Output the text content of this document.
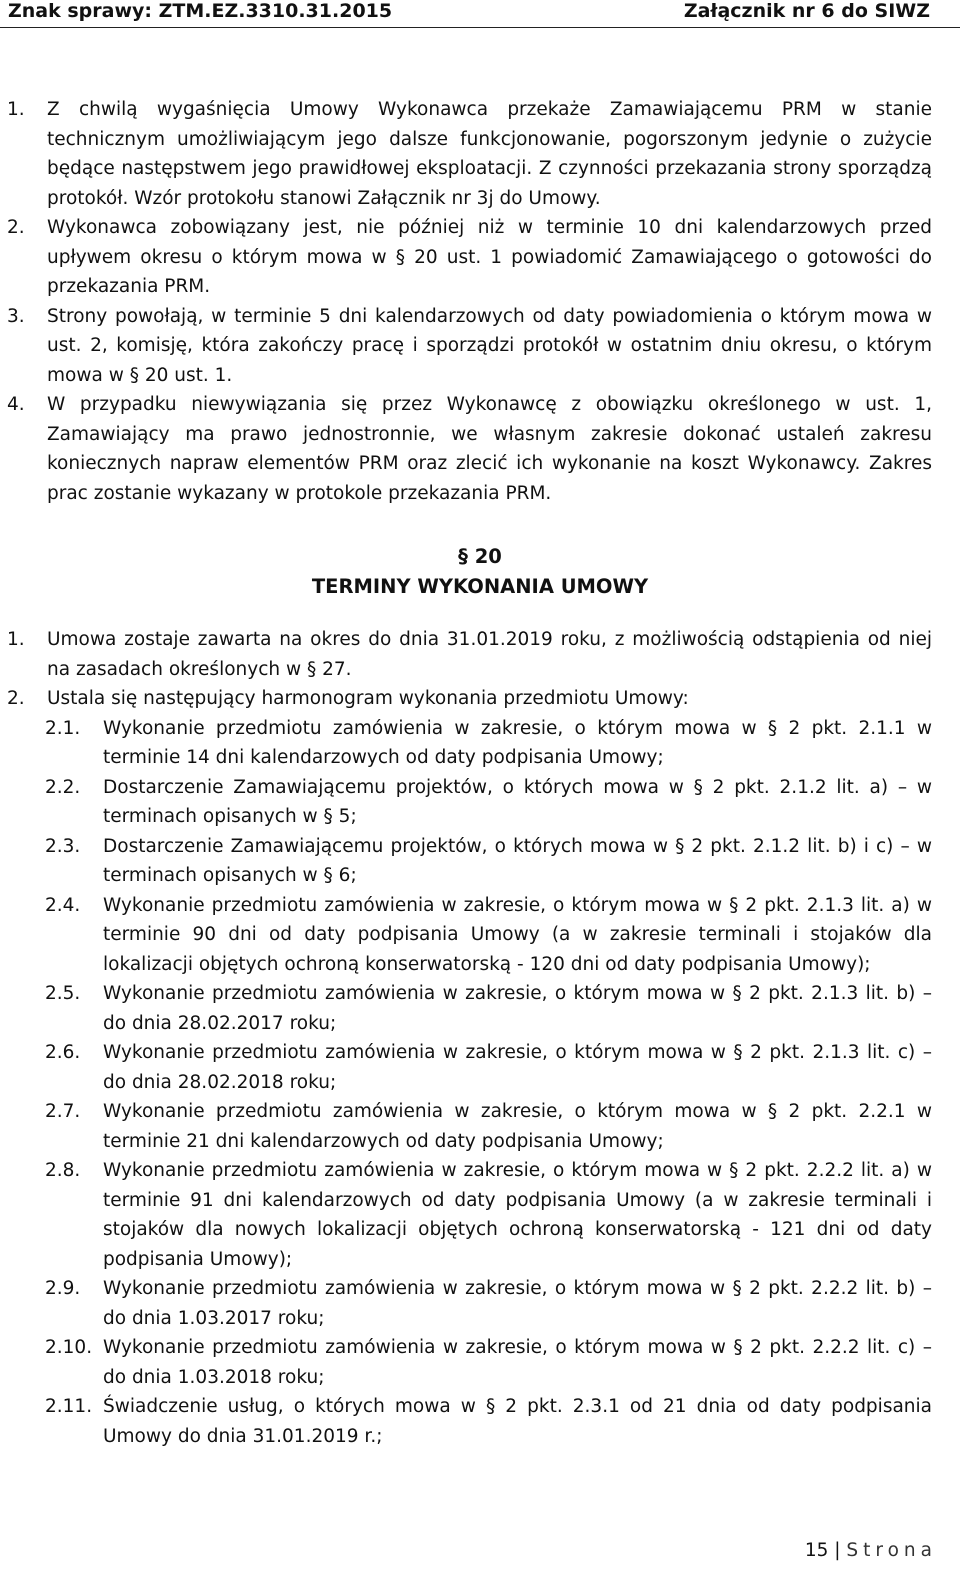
Znak sprawy: ZTM.EZ.3310.31.2015	Załącznik nr 6 do SIWZ
1. Z chwilą wygaśnięcia Umowy Wykonawca przekaże Zamawiającemu PRM w stanie technicznym umożliwiającym jego dalsze funkcjonowanie, pogorszonym jedynie o zużycie będące następstwem jego prawidłowej eksploatacji. Z czynności przekazania strony sporządzą protokół. Wzór protokołu stanowi Załącznik nr 3j do Umowy.
2. Wykonawca zobowiązany jest, nie później niż w terminie 10 dni kalendarzowych przed upływem okresu o którym mowa w § 20 ust. 1 powiadomić Zamawiającego o gotowości do przekazania PRM.
3. Strony powołają, w terminie 5 dni kalendarzowych od daty powiadomienia o którym mowa w ust. 2, komisję, która zakończy pracę i sporządzi protokół w ostatnim dniu okresu, o którym mowa w § 20 ust. 1.
4. W przypadku niewywiązania się przez Wykonawcę z obowiązku określonego w ust. 1, Zamawiający ma prawo jednostronnie, we własnym zakresie dokonać ustaleń zakresu koniecznych napraw elementów PRM oraz zlecić ich wykonanie na koszt Wykonawcy. Zakres prac zostanie wykazany w protokole przekazania PRM.
§ 20
TERMINY WYKONANIA UMOWY
1. Umowa zostaje zawarta na okres do dnia 31.01.2019 roku, z możliwością odstąpienia od niej na zasadach określonych w § 27.
2. Ustala się następujący harmonogram wykonania przedmiotu Umowy:
2.1. Wykonanie przedmiotu zamówienia w zakresie, o którym mowa w § 2 pkt. 2.1.1 w terminie 14 dni kalendarzowych od daty podpisania Umowy;
2.2. Dostarczenie Zamawiającemu projektów, o których mowa w § 2 pkt. 2.1.2 lit. a) – w terminach opisanych w § 5;
2.3. Dostarczenie Zamawiającemu projektów, o których mowa w § 2 pkt. 2.1.2 lit. b) i c) – w terminach opisanych w § 6;
2.4. Wykonanie przedmiotu zamówienia w zakresie, o którym mowa w § 2 pkt. 2.1.3 lit. a) w terminie 90 dni od daty podpisania Umowy (a w zakresie terminali i stojaków dla lokalizacji objętych ochroną konserwatorską - 120 dni od daty podpisania Umowy);
2.5. Wykonanie przedmiotu zamówienia w zakresie, o którym mowa w § 2 pkt. 2.1.3 lit. b) – do dnia 28.02.2017 roku;
2.6. Wykonanie przedmiotu zamówienia w zakresie, o którym mowa w § 2 pkt. 2.1.3 lit. c) – do dnia 28.02.2018 roku;
2.7. Wykonanie przedmiotu zamówienia w zakresie, o którym mowa w § 2 pkt. 2.2.1 w terminie 21 dni kalendarzowych od daty podpisania Umowy;
2.8. Wykonanie przedmiotu zamówienia w zakresie, o którym mowa w § 2 pkt. 2.2.2 lit. a) w terminie 91 dni kalendarzowych od daty podpisania Umowy (a w zakresie terminali i stojaków dla nowych lokalizacji objętych ochroną konserwatorską - 121 dni od daty podpisania Umowy);
2.9. Wykonanie przedmiotu zamówienia w zakresie, o którym mowa w § 2 pkt. 2.2.2 lit. b) – do dnia 1.03.2017 roku;
2.10. Wykonanie przedmiotu zamówienia w zakresie, o którym mowa w § 2 pkt. 2.2.2 lit. c) – do dnia 1.03.2018 roku;
2.11. Świadczenie usług, o których mowa w § 2 pkt. 2.3.1 od 21 dnia od daty podpisania Umowy do dnia 31.01.2019 r.;
15 | Strona
